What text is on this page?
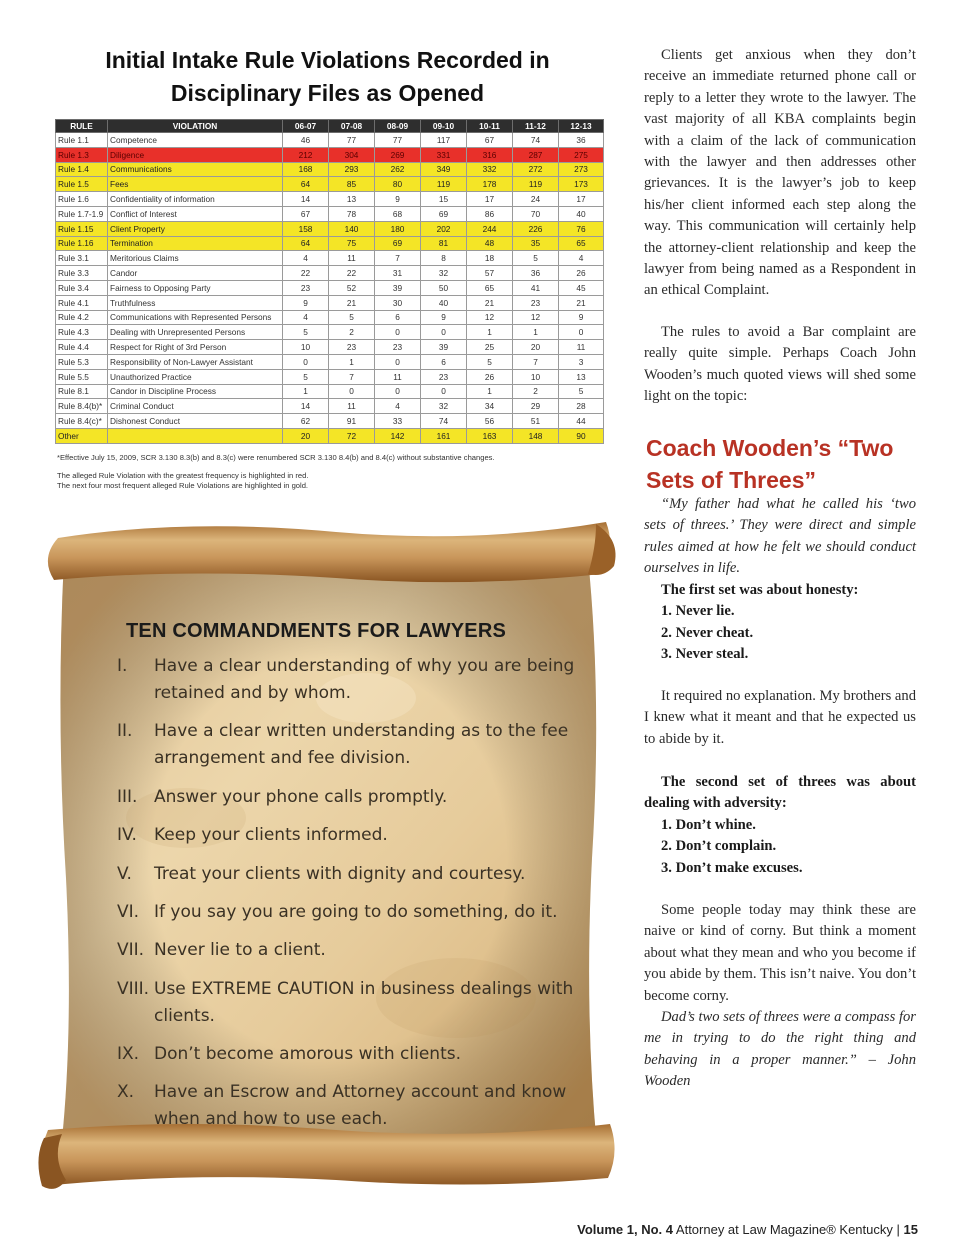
Initial Intake Rule Violations Recorded in
Disciplinary Files as Opened
RULE	VIOLATION	06-07	07-08	08-09	09-10	10-11	11-12	12-13
Rule 1.1	Competence	46	77	77	117	67	74	36
Rule 1.3	Diligence	212	304	269	331	316	287	275
Rule 1.4	Communications	168	293	262	349	332	272	273
Rule 1.5	Fees	64	85	80	119	178	119	173
Rule 1.6	Confidentiality of information	14	13	9	15	17	24	17
Rule 1.7-1.9	Conflict of Interest	67	78	68	69	86	70	40
Rule 1.15	Client Property	158	140	180	202	244	226	76
Rule 1.16	Termination	64	75	69	81	48	35	65
Rule 3.1	Meritorious Claims	4	11	7	8	18	5	4
Rule 3.3	Candor	22	22	31	32	57	36	26
Rule 3.4	Fairness to Opposing Party	23	52	39	50	65	41	45
Rule 4.1	Truthfulness	9	21	30	40	21	23	21
Rule 4.2	Communications with Represented Persons	4	5	6	9	12	12	9
Rule 4.3	Dealing with Unrepresented Persons	5	2	0	0	1	1	0
Rule 4.4	Respect for Right of 3rd Person	10	23	23	39	25	20	11
Rule 5.3	Responsibility of Non-Lawyer Assistant	0	1	0	6	5	7	3
Rule 5.5	Unauthorized Practice	5	7	11	23	26	10	13
Rule 8.1	Candor in Discipline Process	1	0	0	0	1	2	5
Rule 8.4(b)*	Criminal Conduct	14	11	4	32	34	29	28
Rule 8.4(c)*	Dishonest Conduct	62	91	33	74	56	51	44
Other		20	72	142	161	163	148	90
*Effective July 15, 2009, SCR 3.130 8.3(b) and 8.3(c) were renumbered SCR 3.130 8.4(b) and 8.4(c) without substantive changes.
The alleged Rule Violation with the greatest frequency is highlighted in red.
The next four most frequent alleged Rule Violations are highlighted in gold.
TEN COMMANDMENTS FOR LAWYERS
I.	Have a clear understanding of why you are being retained and by whom.
II.	Have a clear written understanding as to the fee arrangement and fee division.
III. Answer your phone calls promptly.
IV.	Keep your clients informed.
V.	Treat your clients with dignity and courtesy.
VI. If you say you are going to do something, do it.
VII. Never lie to a client.
VIII. Use EXTREME CAUTION in business dealings with clients.
IX. Don’t become amorous with clients.
X.	Have an Escrow and Attorney account and know when and how to use each.
Clients get anxious when they don’t receive an immediate returned phone call or reply to a letter they wrote to the lawyer. The vast majority of all KBA complaints begin with a claim of the lack of communication with the lawyer and then addresses other grievances. It is the lawyer’s job to keep his/her client informed each step along the way. This communication will certainly help the attorney-client relationship and keep the lawyer from being named as a Respondent in an ethical Complaint.
The rules to avoid a Bar complaint are really quite simple. Perhaps Coach John Wooden’s much quoted views will shed some light on the topic:
Coach Wooden’s “Two Sets of Threes”
“My father had what he called his ‘two sets of threes.’ They were direct and simple rules aimed at how he felt we should conduct ourselves in life.
The first set was about honesty:
1. Never lie.
2. Never cheat.
3. Never steal.
It required no explanation. My brothers and I knew what it meant and that he expected us to abide by it.
The second set of threes was about dealing with adversity:
1. Don’t whine.
2. Don’t complain.
3. Don’t make excuses.
Some people today may think these are naive or kind of corny. But think a moment about what they mean and who you become if you abide by them. This isn’t naive. You don’t become corny.
Dad’s two sets of threes were a compass for me in trying to do the right thing and behaving in a proper manner.” – John Wooden
Volume 1, No. 4 Attorney at Law Magazine® Kentucky | 15
